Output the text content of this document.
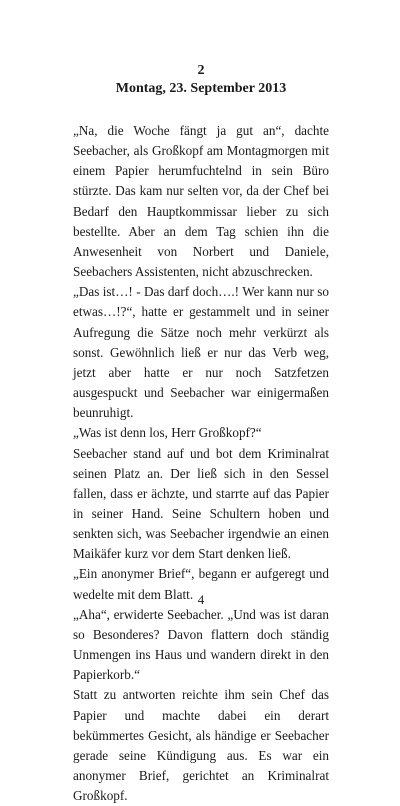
2
Montag, 23. September 2013

„Na, die Woche fängt ja gut an“, dachte Seebacher, als Großkopf am Montagmorgen mit einem Papier herumfuchtelnd in sein Büro stürzte. Das kam nur selten vor, da der Chef bei Bedarf den Hauptkommissar lieber zu sich bestellte. Aber an dem Tag schien ihn die Anwesenheit von Norbert und Daniele, Seebachers Assistenten, nicht abzuschrecken.

„Das ist…! - Das darf doch….! Wer kann nur so etwas…!?“, hatte er gestammelt und in seiner Aufregung die Sätze noch mehr verkürzt als sonst. Gewöhnlich ließ er nur das Verb weg, jetzt aber hatte er nur noch Satzfetzen ausgespuckt und Seebacher war einigermaßen beunruhigt.

„Was ist denn los, Herr Großkopf?“

Seebacher stand auf und bot dem Kriminalrat seinen Platz an. Der ließ sich in den Sessel fallen, dass er ächzte, und starrte auf das Papier in seiner Hand. Seine Schultern hoben und senkten sich, was Seebacher irgendwie an einen Maikäfer kurz vor dem Start denken ließ.

„Ein anonymer Brief“, begann er aufgeregt und wedelte mit dem Blatt.

„Aha“, erwiderte Seebacher. „Und was ist daran so Besonderes? Davon flattern doch ständig Unmengen ins Haus und wandern direkt in den Papierkorb.“

Statt zu antworten reichte ihm sein Chef das Papier und machte dabei ein derart bekümmertes Gesicht, als händige er Seebacher gerade seine Kündigung aus. Es war ein anonymer Brief, gerichtet an Kriminalrat Großkopf.

4
